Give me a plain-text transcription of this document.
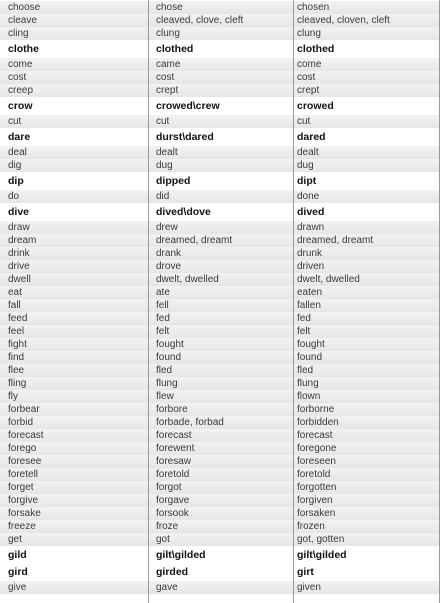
choose	chose	chosen
cleave	cleaved, clove, cleft	cleaved, cloven, cleft
cling	clung	clung
clothe	clothed	clothed
come	came	come
cost	cost	cost
creep	crept	crept
crow	crowed\crew	crowed
cut	cut	cut
dare	durst\dared	dared
deal	dealt	dealt
dig	dug	dug
dip	dipped	dipt
do	did	done
dive	dived\dove	dived
draw	drew	drawn
dream	dreamed, dreamt	dreamed, dreamt
drink	drank	drunk
drive	drove	driven
dwell	dwelt, dwelled	dwelt, dwelled
eat	ate	eaten
fall	fell	fallen
feed	fed	fed
feel	felt	felt
fight	fought	fought
find	found	found
flee	fled	fled
fling	flung	flung
fly	flew	flown
forbear	forbore	forborne
forbid	forbade, forbad	forbidden
forecast	forecast	forecast
forego	forewent	foregone
foresee	foresaw	foreseen
foretell	foretold	foretold
forget	forgot	forgotten
forgive	forgave	forgiven
forsake	forsook	forsaken
freeze	froze	frozen
get	got	got, gotten
gild	gilt\gilded	gilt\gilded
gird	girded	girt
give	gave	given
